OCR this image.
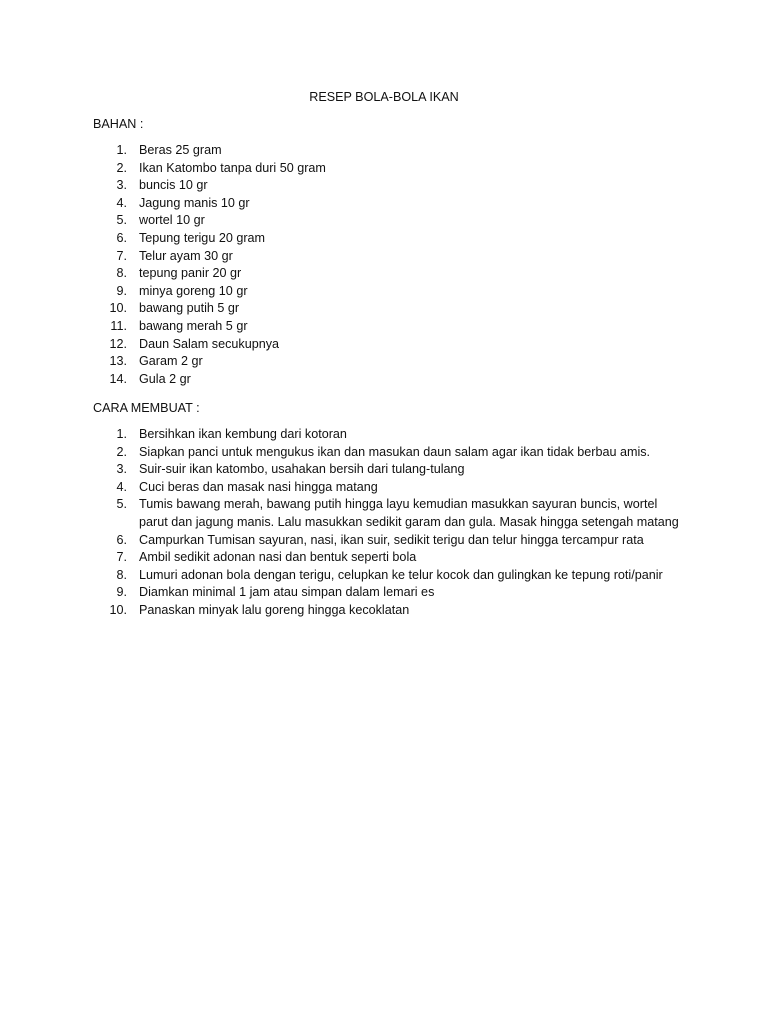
RESEP BOLA-BOLA IKAN
BAHAN :
1. Beras 25 gram
2. Ikan Katombo tanpa duri 50 gram
3. buncis 10 gr
4. Jagung manis 10 gr
5. wortel 10 gr
6. Tepung terigu 20 gram
7. Telur ayam 30 gr
8. tepung panir 20 gr
9. minya goreng 10 gr
10. bawang putih 5 gr
11. bawang merah 5 gr
12. Daun Salam secukupnya
13. Garam 2 gr
14. Gula 2 gr
CARA MEMBUAT :
1. Bersihkan ikan kembung dari kotoran
2. Siapkan panci untuk mengukus ikan dan masukan daun salam agar ikan tidak berbau amis.
3. Suir-suir ikan katombo, usahakan bersih dari tulang-tulang
4. Cuci beras dan masak nasi hingga matang
5. Tumis bawang merah, bawang putih hingga layu kemudian masukkan sayuran buncis, wortel parut dan jagung manis. Lalu masukkan sedikit garam dan gula. Masak hingga setengah matang
6. Campurkan Tumisan sayuran, nasi, ikan suir, sedikit terigu dan telur hingga tercampur rata
7. Ambil sedikit adonan nasi dan bentuk seperti bola
8. Lumuri adonan bola dengan terigu, celupkan ke telur kocok dan gulingkan ke tepung roti/panir
9. Diamkan minimal 1 jam atau simpan dalam lemari es
10. Panaskan minyak lalu goreng hingga kecoklatan
